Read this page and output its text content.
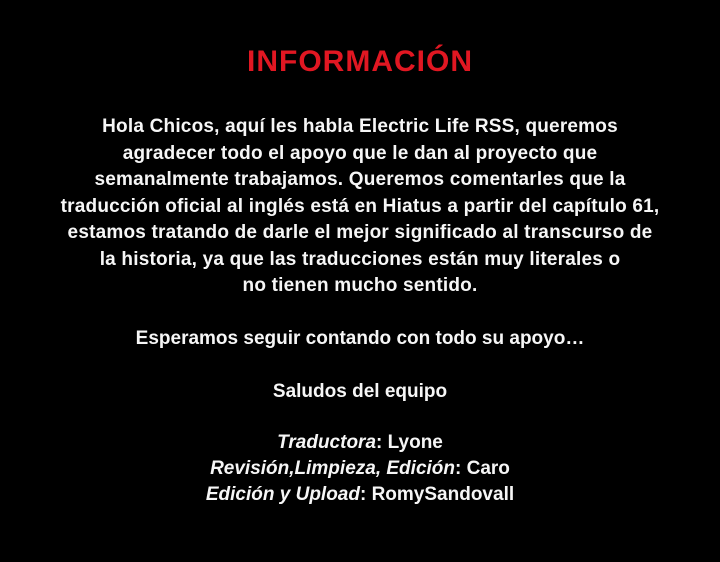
INFORMACIÓN
Hola Chicos, aquí les habla Electric Life RSS, queremos
agradecer todo el apoyo que le dan al proyecto que
semanalmente trabajamos. Queremos comentarles que la
traducción oficial al inglés está en Hiatus a partir del capítulo 61,
estamos tratando de darle el mejor significado al transcurso de
la historia, ya que las traducciones están muy literales o
no tienen mucho sentido.
Esperamos seguir contando con todo su apoyo…
Saludos del equipo
Traductora: Lyone
Revisión,Limpieza, Edición: Caro
Edición y Upload: RomySandovall
